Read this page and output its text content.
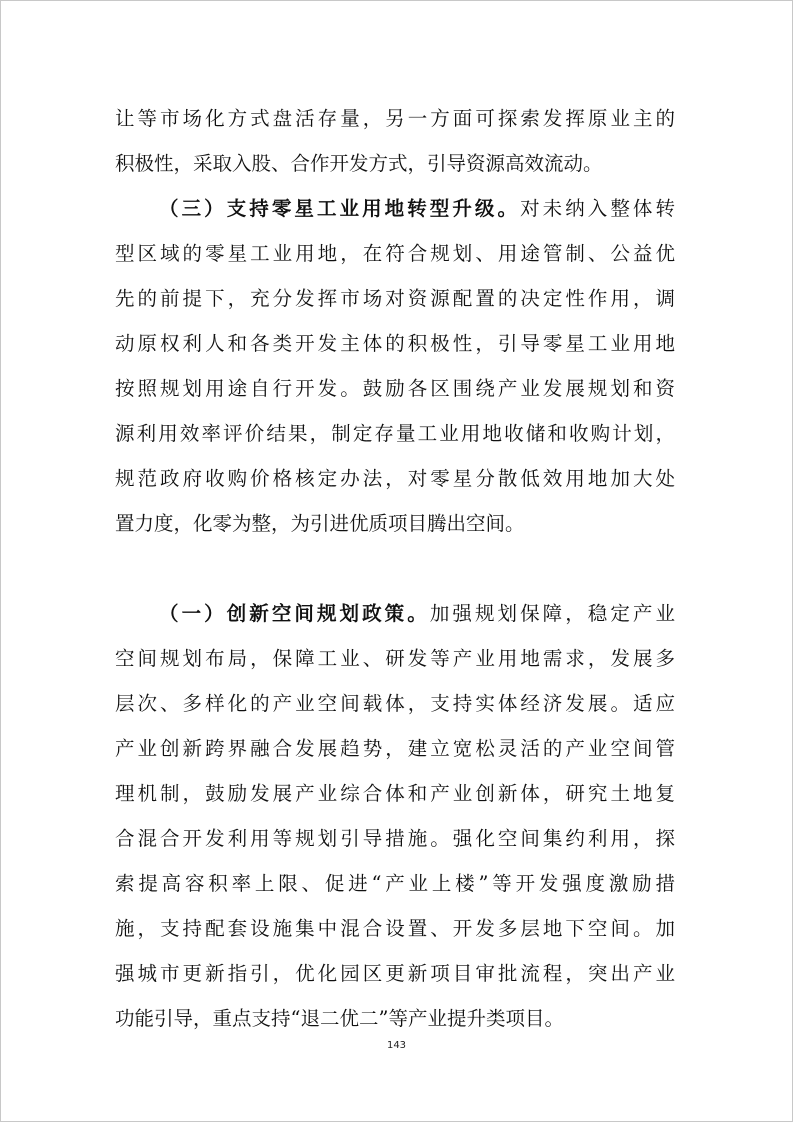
让等市场化方式盘活存量，另一方面可探索发挥原业主的
积极性，采取入股、合作开发方式，引导资源高效流动。
（三）支持零星工业用地转型升级。对未纳入整体转
型区域的零星工业用地，在符合规划、用途管制、公益优
先的前提下，充分发挥市场对资源配置的决定性作用，调
动原权利人和各类开发主体的积极性，引导零星工业用地
按照规划用途自行开发。鼓励各区围绕产业发展规划和资
源利用效率评价结果，制定存量工业用地收储和收购计划，
规范政府收购价格核定办法，对零星分散低效用地加大处
置力度，化零为整，为引进优质项目腾出空间。
（一）创新空间规划政策。加强规划保障，稳定产业
空间规划布局，保障工业、研发等产业用地需求，发展多
层次、多样化的产业空间载体，支持实体经济发展。适应
产业创新跨界融合发展趋势，建立宽松灵活的产业空间管
理机制，鼓励发展产业综合体和产业创新体，研究土地复
合混合开发利用等规划引导措施。强化空间集约利用，探
索提高容积率上限、促进“产业上楼”等开发强度激励措
施，支持配套设施集中混合设置、开发多层地下空间。加
强城市更新指引，优化园区更新项目审批流程，突出产业
功能引导，重点支持“退二优二”等产业提升类项目。
143
